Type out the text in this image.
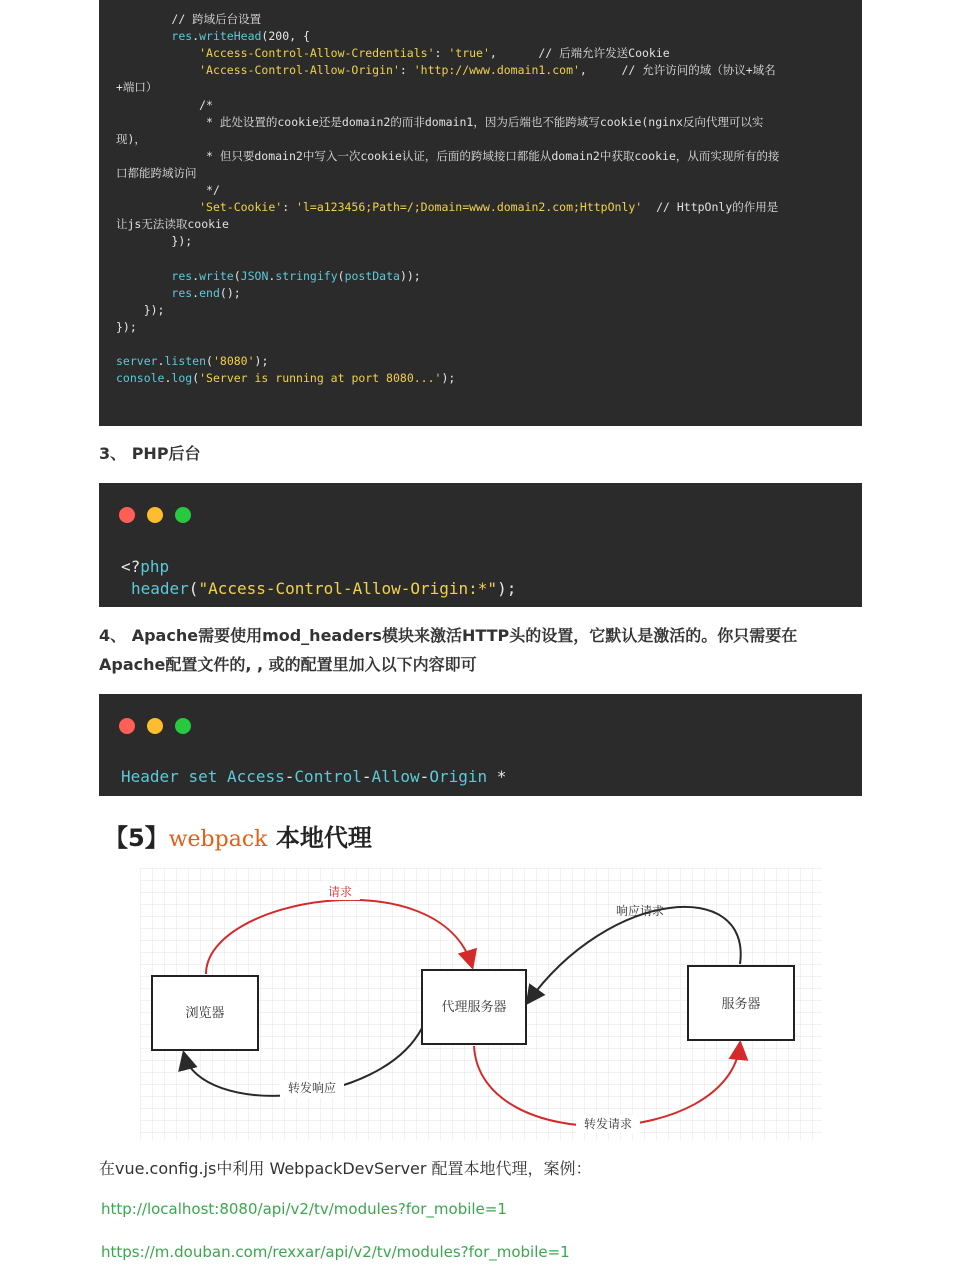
// 跨域后台设置
res.writeHead(200, {
'Access-Control-Allow-Credentials': 'true',      // 后端允许发送Cookie
'Access-Control-Allow-Origin': 'http://www.domain1.com',     // 允许访问的域（协议+域名
+端口）
/*
* 此处设置的cookie还是domain2的而非domain1，因为后端也不能跨域写cookie(nginx反向代理可以实
现)，
* 但只要domain2中写入一次cookie认证，后面的跨域接口都能从domain2中获取cookie，从而实现所有的接
口都能跨域访问
*/
'Set-Cookie': 'l=a123456;Path=/;Domain=www.domain2.com;HttpOnly'  // HttpOnly的作用是
让js无法读取cookie
});
res.write(JSON.stringify(postData));
res.end();
});
});
server.listen('8080');
console.log('Server is running at port 8080...');
3、 PHP后台
<?php
header("Access-Control-Allow-Origin:*");
4、 Apache需要使用mod_headers模块来激活HTTP头的设置，它默认是激活的。你只需要在
Apache配置文件的, , 或的配置里加入以下内容即可
Header set Access-Control-Allow-Origin *
【5】webpack 本地代理
浏览器	代理服务器	服务器
请求
响应请求
转发响应
转发请求
在vue.config.js中利用 WebpackDevServer 配置本地代理，案例：
http://localhost:8080/api/v2/tv/modules?for_mobile=1
https://m.douban.com/rexxar/api/v2/tv/modules?for_mobile=1
